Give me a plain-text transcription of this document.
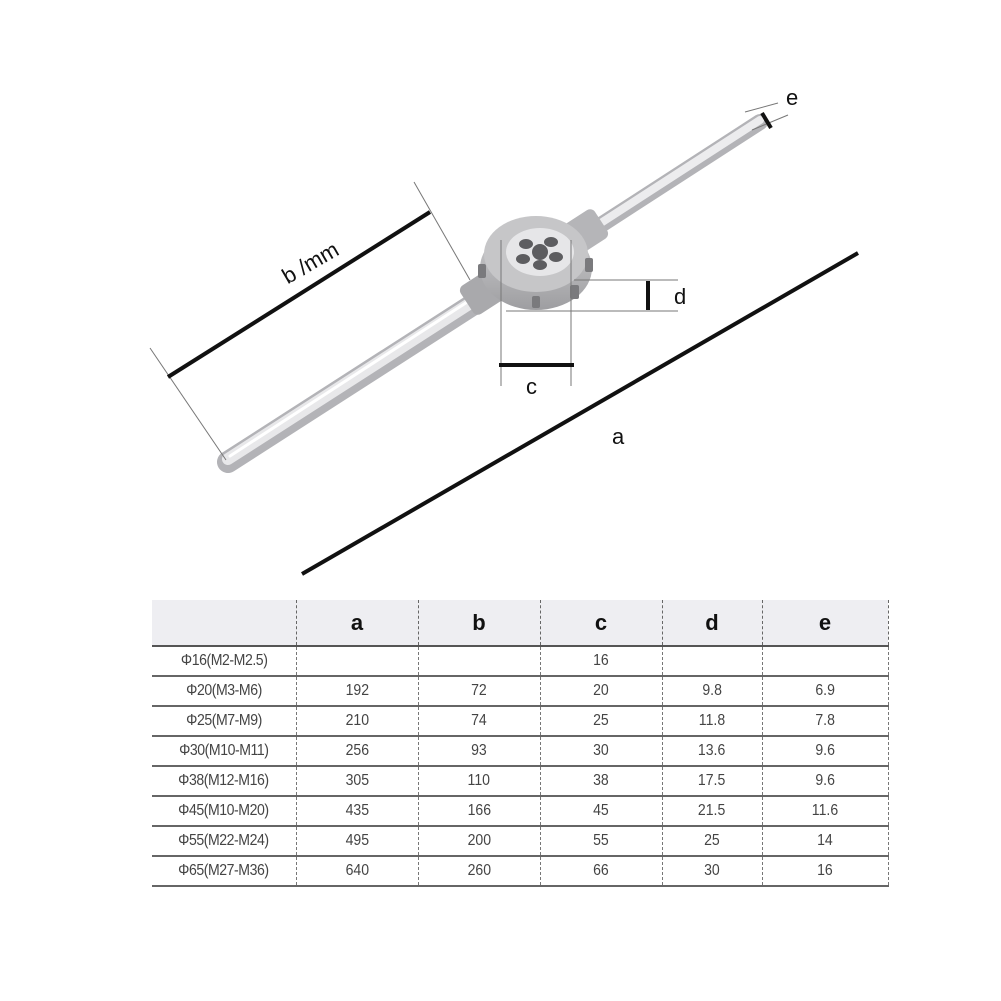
b /mm
e
d
c
a
	a	b	c	d	e
Φ16(M2-M2.5)			16		
Φ20(M3-M6)	192	72	20	9.8	6.9
Φ25(M7-M9)	210	74	25	11.8	7.8
Φ30(M10-M11)	256	93	30	13.6	9.6
Φ38(M12-M16)	305	110	38	17.5	9.6
Φ45(M10-M20)	435	166	45	21.5	11.6
Φ55(M22-M24)	495	200	55	25	14
Φ65(M27-M36)	640	260	66	30	16
